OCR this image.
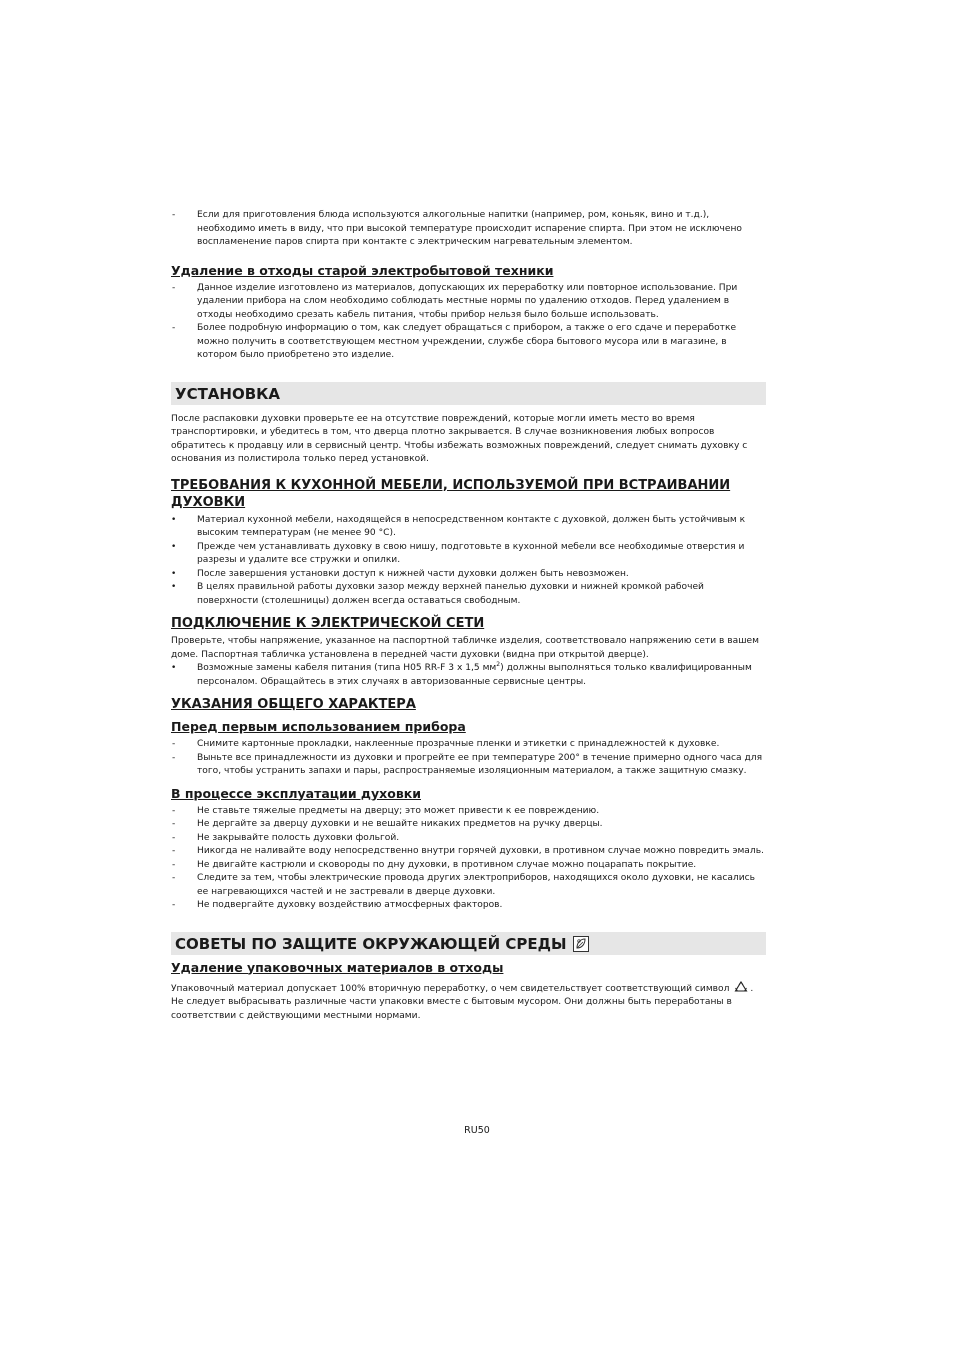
- Если для приготовления блюда используются алкогольные напитки (например, ром, коньяк, вино и т.д.), необходимо иметь в виду, что при высокой температуре происходит испарение спирта. При этом не исключено воспламенение паров спирта при контакте с электрическим нагревательным элементом.
Удаление в отходы старой электробытовой техники
- Данное изделие изготовлено из материалов, допускающих их переработку или повторное использование. При удалении прибора на слом необходимо соблюдать местные нормы по удалению отходов. Перед удалением в отходы необходимо срезать кабель питания, чтобы прибор нельзя было больше использовать.
- Более подробную информацию о том, как следует обращаться с прибором, а также о его сдаче и переработке можно получить в соответствующем местном учреждении, службе сбора бытового мусора или в магазине, в котором было приобретено это изделие.
УСТАНОВКА

После распаковки духовки проверьте ее на отсутствие повреждений, которые могли иметь место во время транспортировки, и убедитесь в том, что дверца плотно закрывается. В случае возникновения любых вопросов обратитесь к продавцу или в сервисный центр. Чтобы избежать возможных повреждений, следует снимать духовку с основания из полистирола только перед установкой.

ТРЕБОВАНИЯ К КУХОННОЙ МЕБЕЛИ, ИСПОЛЬЗУЕМОЙ ПРИ ВСТРАИВАНИИ ДУХОВКИ
• Материал кухонной мебели, находящейся в непосредственном контакте с духовкой, должен быть устойчивым к высоким температурам (не менее 90 °С).
• Прежде чем устанавливать духовку в свою нишу, подготовьте в кухонной мебели все необходимые отверстия и разрезы и удалите все стружки и опилки.
• После завершения установки доступ к нижней части духовки должен быть невозможен.
• В целях правильной работы духовки зазор между верхней панелью духовки и нижней кромкой рабочей поверхности (столешницы) должен всегда оставаться свободным.
ПОДКЛЮЧЕНИЕ К ЭЛЕКТРИЧЕСКОЙ СЕТИ

Проверьте, чтобы напряжение, указанное на паспортной табличке изделия, соответствовало напряжению сети в вашем доме. Паспортная табличка установлена в передней части духовки (видна при открытой дверце).

• Возможные замены кабеля питания (типа H05 RR-F 3 x 1,5 $мм^2$) должны выполняться только квалифицированным персоналом. Обращайтесь в этих случаях в авторизованные сервисные центры.
УКАЗАНИЯ ОБЩЕГО ХАРАКТЕРА
Перед первым использованием прибора
- Снимите картонные прокладки, наклеенные прозрачные пленки и этикетки с принадлежностей к духовке.
- Выньте все принадлежности из духовки и прогрейте ее при температуре 200° в течение примерно одного часа для того, чтобы устранить запахи и пары, распространяемые изоляционным материалом, а также защитную смазку.
В процессе эксплуатации духовки
- Не ставьте тяжелые предметы на дверцу; это может привести к ее повреждению.
- Не дергайте за дверцу духовки и не вешайте никаких предметов на ручку дверцы.
- Не закрывайте полость духовки фольгой.
- Никогда не наливайте воду непосредственно внутри горячей духовки, в противном случае можно повредить эмаль.
- Не двигайте кастрюли и сковороды по дну духовки, в противном случае можно поцарапать покрытие.
- Следите за тем, чтобы электрические провода других электроприборов, находящихся около духовки, не касались ее нагревающихся частей и не застревали в дверце духовки.
- Не подвергайте духовку воздействию атмосферных факторов.
СОВЕТЫ ПО ЗАЩИТЕ ОКРУЖАЮЩЕЙ СРЕДЫ
Удаление упаковочных материалов в отходы

Упаковочный материал допускает 100% вторичную переработку, о чем свидетельствует соответствующий символ . Не следует выбрасывать различные части упаковки вместе с бытовым мусором. Они должны быть переработаны в соответствии с действующими местными нормами.

RU50
